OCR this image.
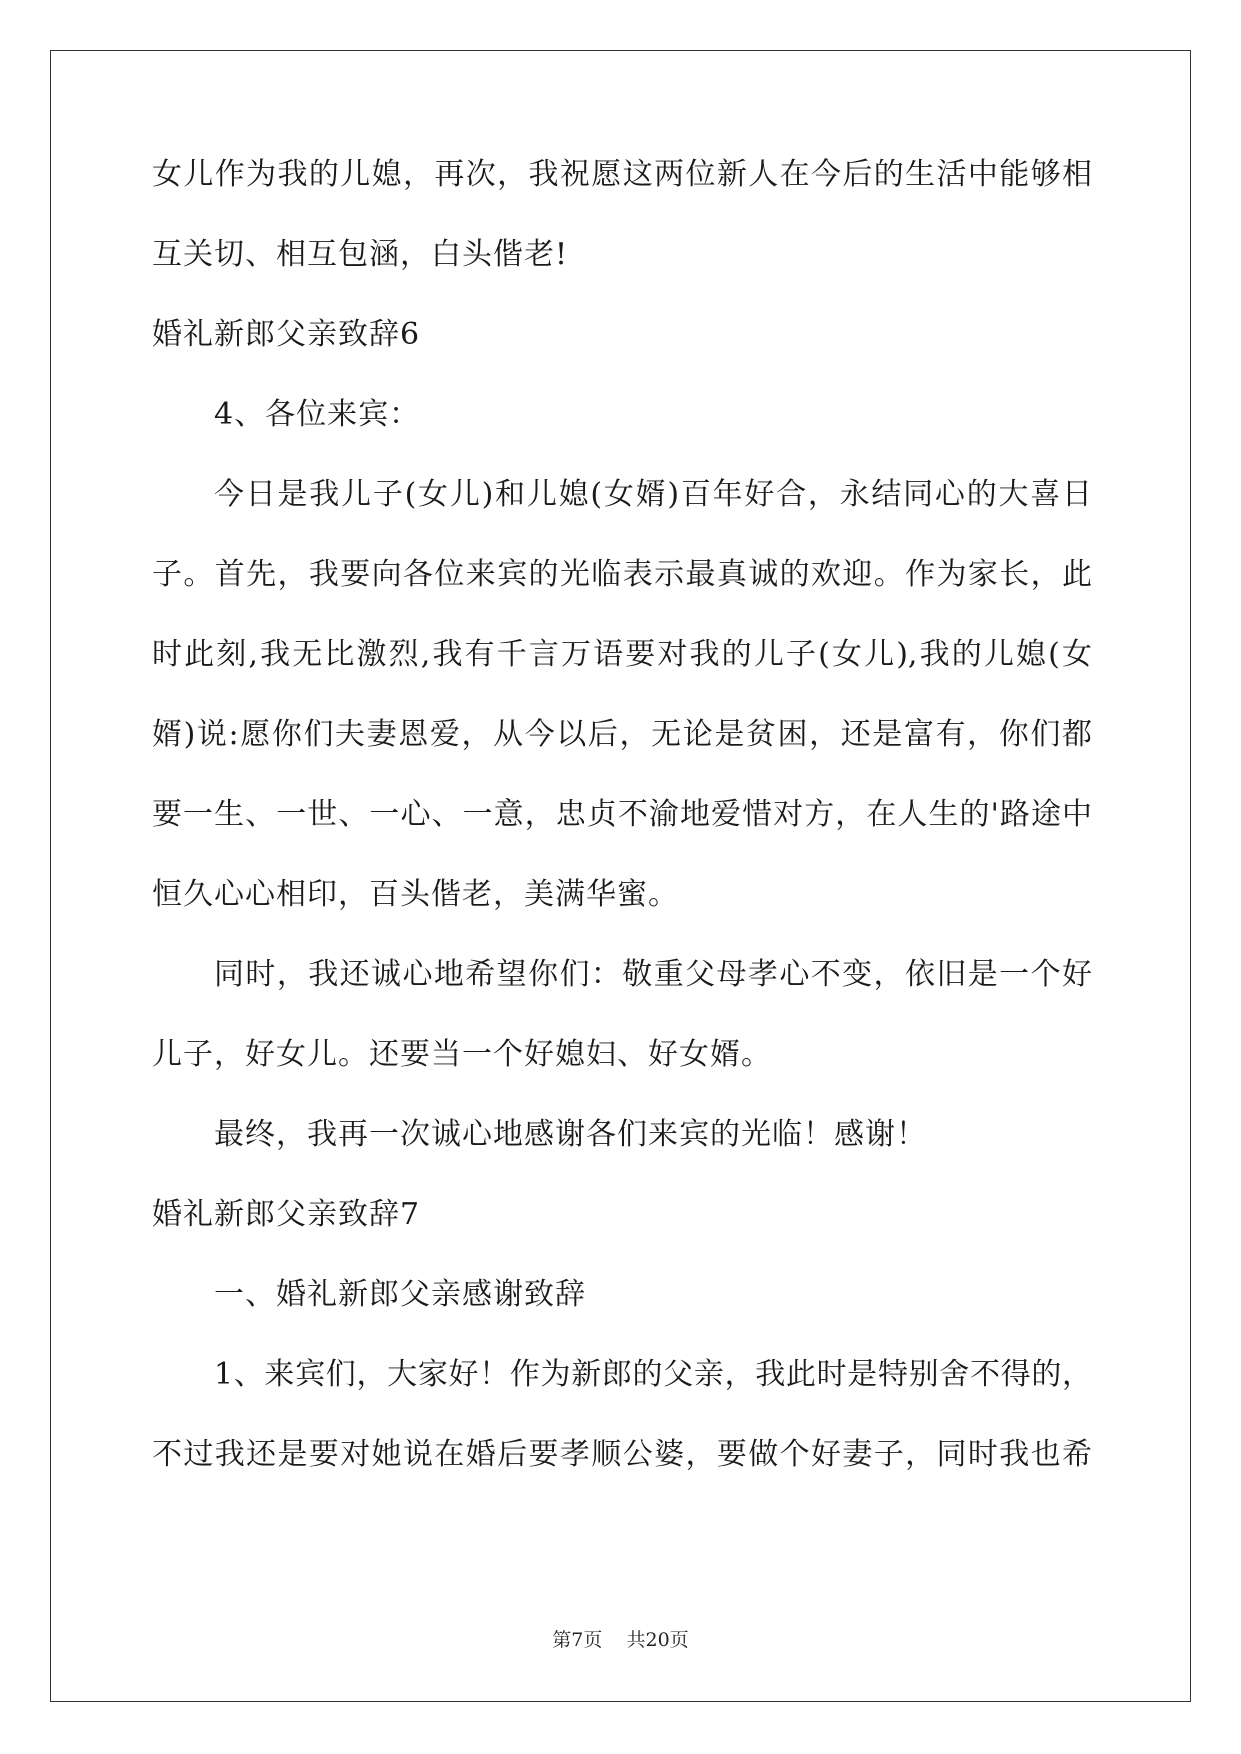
女儿作为我的儿媳，再次，我祝愿这两位新人在今后的生活中能够相
互关切、相互包涵，白头偕老!
婚礼新郎父亲致辞6
4、各位来宾：
今日是我儿子(女儿)和儿媳(女婿)百年好合，永结同心的大喜日
子。首先，我要向各位来宾的光临表示最真诚的欢迎。作为家长，此
时此刻,我无比激烈,我有千言万语要对我的儿子(女儿),我的儿媳(女
婿)说:愿你们夫妻恩爱，从今以后，无论是贫困，还是富有，你们都
要一生、一世、一心、一意，忠贞不渝地爱惜对方，在人生的'路途中
恒久心心相印，百头偕老，美满华蜜。
同时，我还诚心地希望你们：敬重父母孝心不变，依旧是一个好
儿子，好女儿。还要当一个好媳妇、好女婿。
最终，我再一次诚心地感谢各们来宾的光临！感谢！
婚礼新郎父亲致辞7
一、婚礼新郎父亲感谢致辞
1、来宾们，大家好！作为新郎的父亲，我此时是特别舍不得的，
不过我还是要对她说在婚后要孝顺公婆，要做个好妻子，同时我也希
第7页 共20页
